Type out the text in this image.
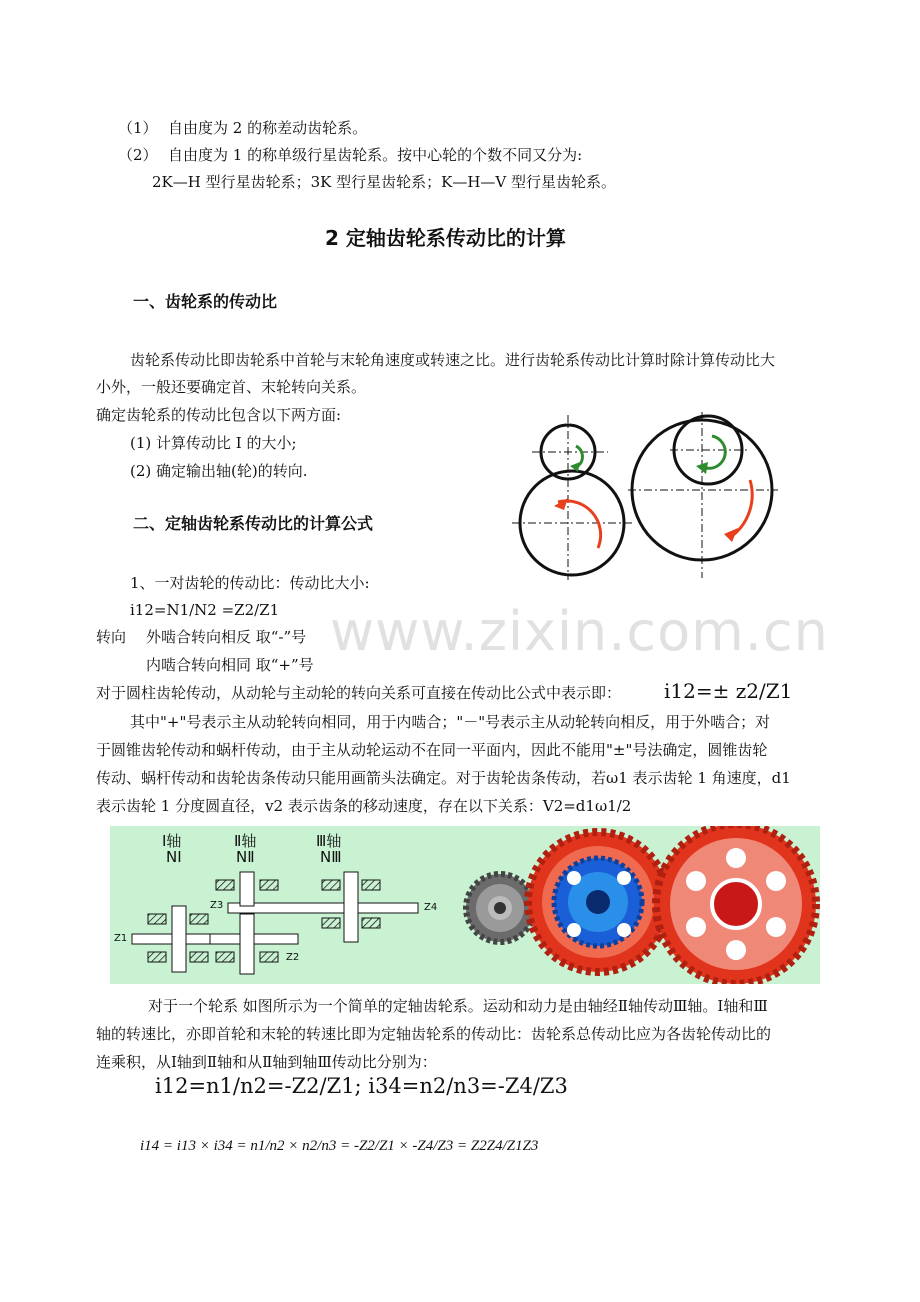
（1） 自由度为 2 的称差动齿轮系。
（2） 自由度为 1 的称单级行星齿轮系。按中心轮的个数不同又分为:
2K—H 型行星齿轮系；3K 型行星齿轮系；K—H—V 型行星齿轮系。
2 定轴齿轮系传动比的计算
一、齿轮系的传动比
齿轮系传动比即齿轮系中首轮与末轮角速度或转速之比。进行齿轮系传动比计算时除计算传动比大
小外，一般还要确定首、末轮转向关系。
确定齿轮系的传动比包含以下两方面:
(1) 计算传动比 I 的大小;
(2) 确定输出轴(轮)的转向.
二、定轴齿轮系传动比的计算公式
1、一对齿轮的传动比：传动比大小:
i12=N1/N2 =Z2/Z1
转向 外啮合转向相反 取“-”号
内啮合转向相同 取“+”号
对于圆柱齿轮传动，从动轮与主动轮的转向关系可直接在传动比公式中表示即： i12=± z2/Z1
其中"+"号表示主从动轮转向相同，用于内啮合；"－"号表示主从动轮转向相反，用于外啮合；对
于圆锥齿轮传动和蜗杆传动，由于主从动轮运动不在同一平面内，因此不能用"±"号法确定，圆锥齿轮
传动、蜗杆传动和齿轮齿条传动只能用画箭头法确定。对于齿轮齿条传动，若ω1 表示齿轮 1 角速度，d1
表示齿轮 1 分度圆直径，v2 表示齿条的移动速度，存在以下关系：V2=d1ω1/2
Ⅰ轴
NⅠ
Ⅱ轴
NⅡ
Ⅲ轴
NⅢ
Z1
Z2
Z3	Z4
对于一个轮系 如图所示为一个简单的定轴齿轮系。运动和动力是由轴经Ⅱ轴传动Ⅲ轴。Ⅰ轴和Ⅲ
轴的转速比，亦即首轮和末轮的转速比即为定轴齿轮系的传动比：齿轮系总传动比应为各齿轮传动比的
连乘积，从Ⅰ轴到Ⅱ轴和从Ⅱ轴到轴Ⅲ传动比分别为：
i12=n1/n2=-Z2/Z1; i34=n2/n3=-Z4/Z3
i14 = i13 × i34 = n1/n2 × n2/n3 = -Z2/Z1 × -Z4/Z3 = Z2Z4/Z1Z3
www.zixin.com.cn
